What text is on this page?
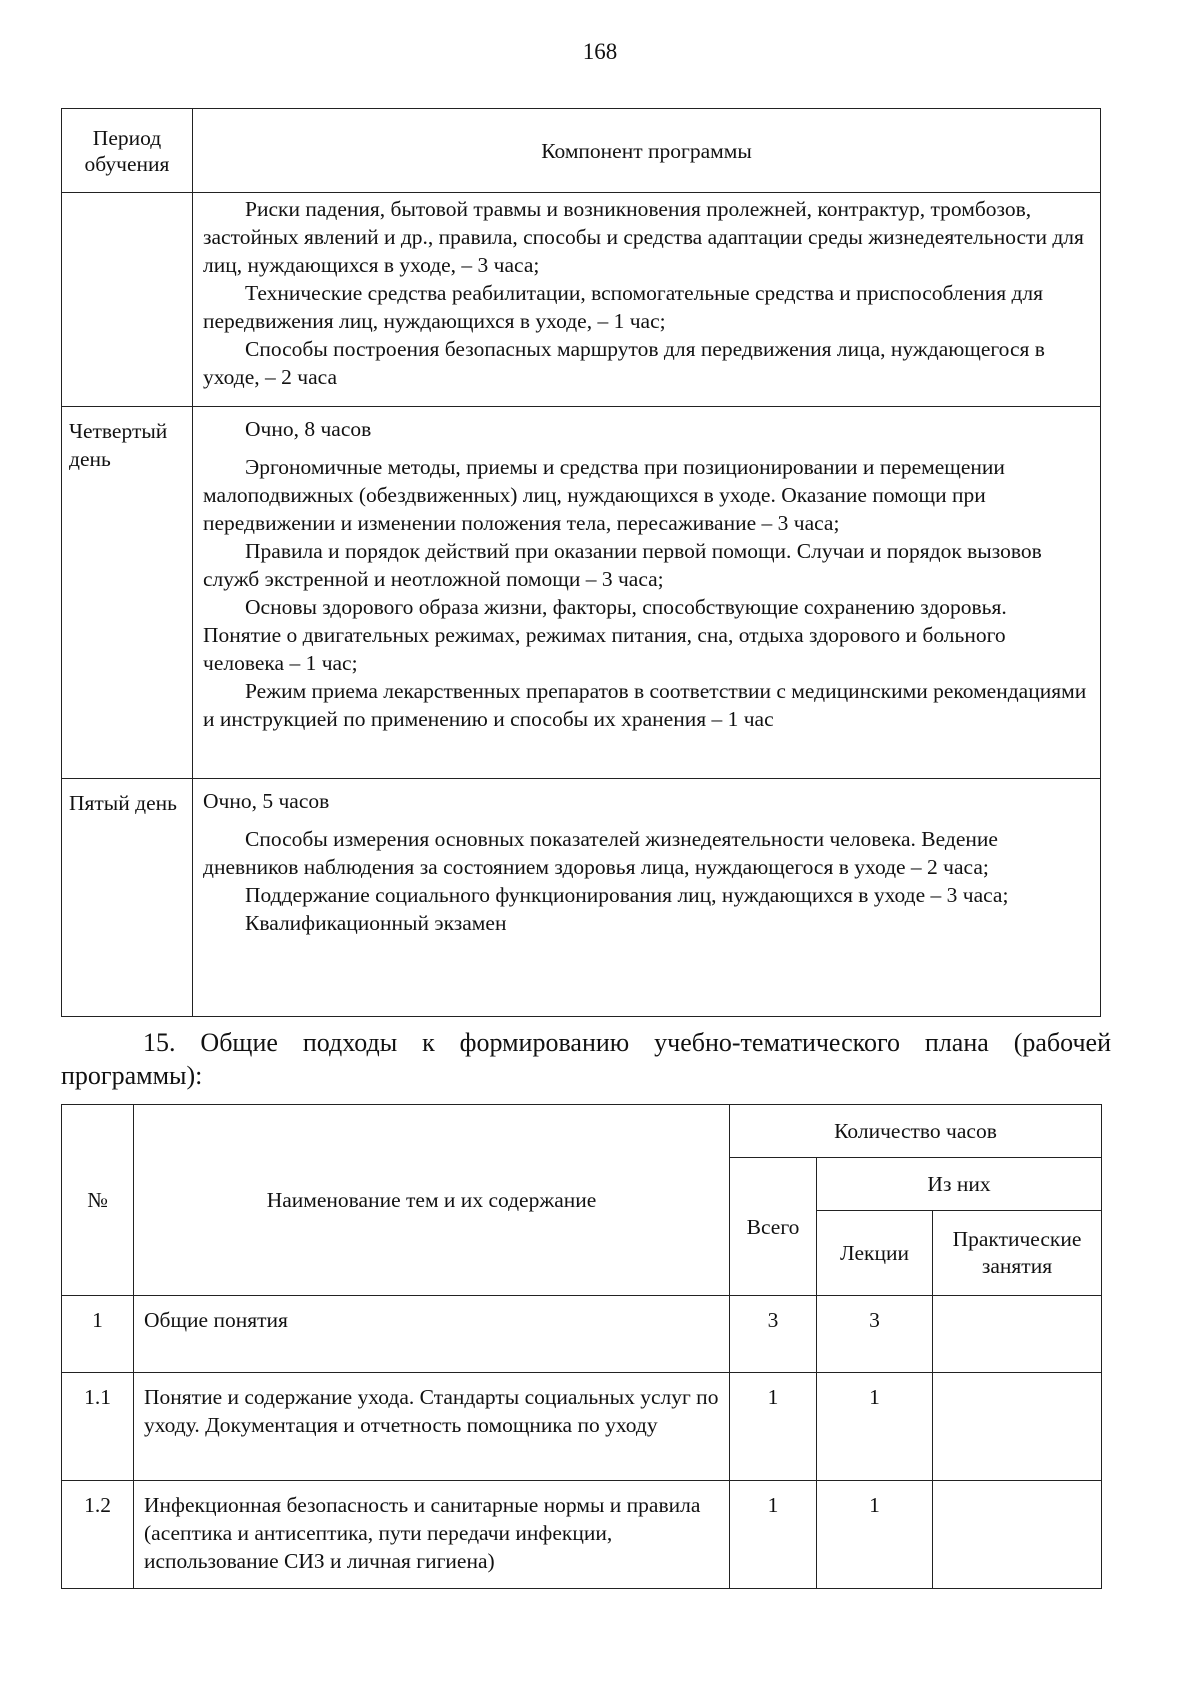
168
Период обучения	Компонент программы

	Риски падения, бытовой травмы и возникновения пролежней, контрактур, тромбозов, застойных явлений и др., правила, способы и средства адаптации среды жизнедеятельности для лиц, нуждающихся в уходе, – 3 часа;

Технические средства реабилитации, вспомогательные средства и приспособления для передвижения лиц, нуждающихся в уходе, – 1 час;

Способы построения безопасных маршрутов для передвижения лица, нуждающегося в уходе, – 2 часа

Четвертый день	Очно, 8 часов

Эргономичные методы, приемы и средства при позиционировании и перемещении малоподвижных (обездвиженных) лиц, нуждающихся в уходе. Оказание помощи при передвижении и изменении положения тела, пересаживание – 3 часа;

Правила и порядок действий при оказании первой помощи. Случаи и порядок вызовов служб экстренной и неотложной помощи – 3 часа;

Основы здорового образа жизни, факторы, способствующие сохранению здоровья. Понятие о двигательных режимах, режимах питания, сна, отдыха здорового и больного человека – 1 час;

Режим приема лекарственных препаратов в соответствии с медицинскими рекомендациями и инструкцией по применению и способы их хранения – 1 час

Пятый день	Очно, 5 часов

Способы измерения основных показателей жизнедеятельности человека. Ведение дневников наблюдения за состоянием здоровья лица, нуждающегося в уходе – 2 часа;

Поддержание социального функционирования лиц, нуждающихся в уходе – 3 часа;

Квалификационный экзамен

15. Общие подходы к формированию учебно-тематического плана (рабочей программы):
№	Наименование тем и их содержание	Количество часов		
		Всего	Из них	
			Лекции	Практические занятия
1	Общие понятия	3	3	
1.1	Понятие и содержание ухода. Стандарты социальных услуг по уходу. Документация и отчетность помощника по уходу	1	1	
1.2	Инфекционная безопасность и санитарные нормы и правила (асептика и антисептика, пути передачи инфекции, использование СИЗ и личная гигиена)	1	1	
